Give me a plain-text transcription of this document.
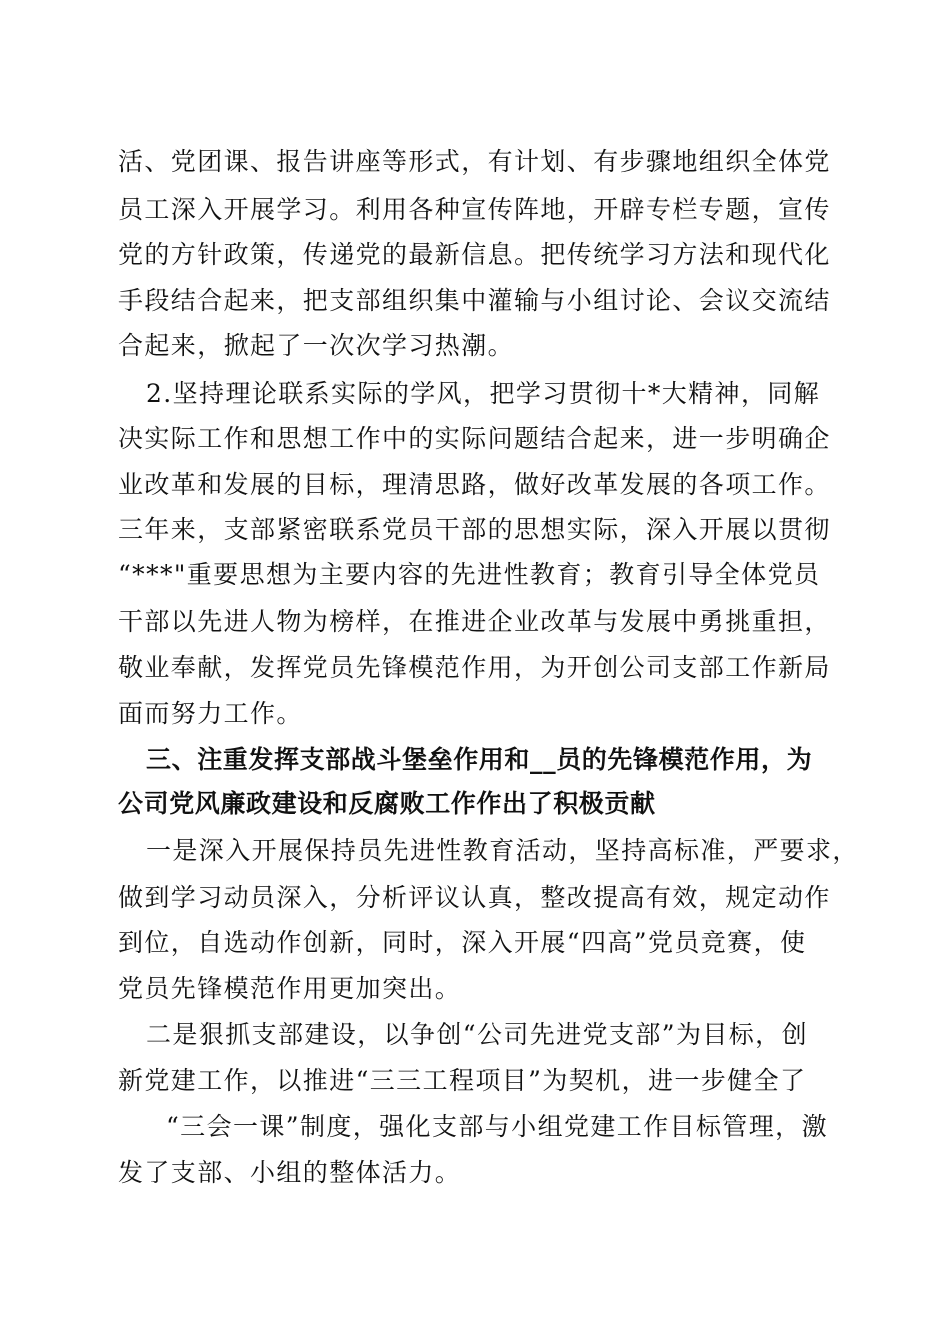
活、党团课、报告讲座等形式，有计划、有步骤地组织全体党

员工深入开展学习。利用各种宣传阵地，开辟专栏专题，宣传

党的方针政策，传递党的最新信息。把传统学习方法和现代化

手段结合起来，把支部组织集中灌输与小组讨论、会议交流结

合起来，掀起了一次次学习热潮。

2.坚持理论联系实际的学风，把学习贯彻十*大精神，同解

决实际工作和思想工作中的实际问题结合起来，进一步明确企

业改革和发展的目标，理清思路，做好改革发展的各项工作。

三年来，支部紧密联系党员干部的思想实际，深入开展以贯彻

“***"重要思想为主要内容的先进性教育；教育引导全体党员

干部以先进人物为榜样，在推进企业改革与发展中勇挑重担，

敬业奉献，发挥党员先锋模范作用，为开创公司支部工作新局

面而努力工作。

三、注重发挥支部战斗堡垒作用和__员的先锋模范作用，为
公司党风廉政建设和反腐败工作作出了积极贡献

一是深入开展保持员先进性教育活动，坚持高标准，严要求，

做到学习动员深入，分析评议认真，整改提高有效，规定动作

到位，自选动作创新，同时，深入开展“四高”党员竞赛，使

党员先锋模范作用更加突出。

二是狠抓支部建设，以争创“公司先进党支部”为目标，创

新党建工作，以推进“三三工程项目”为契机，进一步健全了

“三会一课”制度，强化支部与小组党建工作目标管理，激

发了支部、小组的整体活力。
